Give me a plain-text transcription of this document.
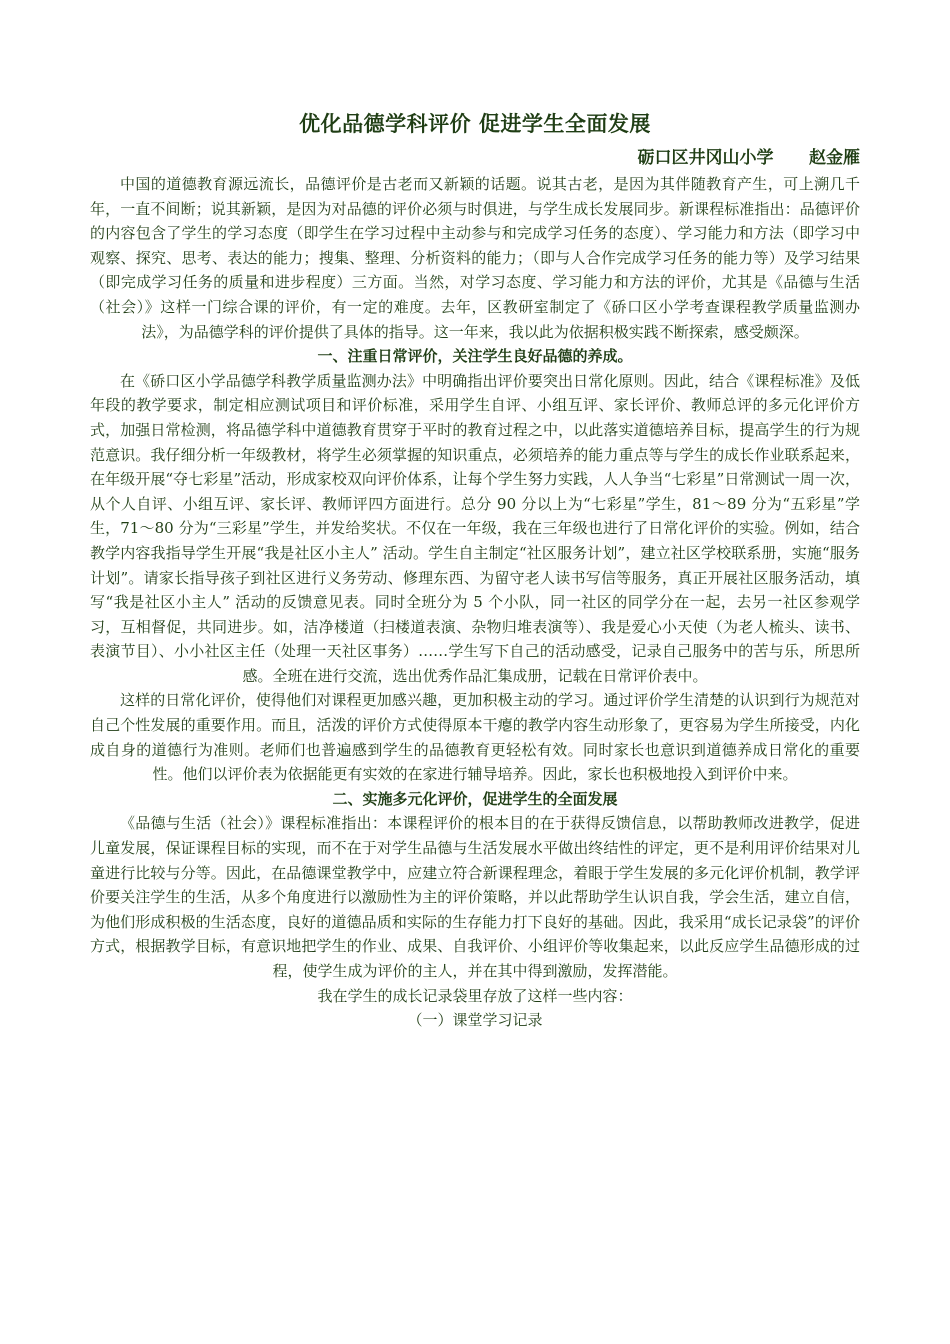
优化品德学科评价 促进学生全面发展

砺口区井冈山小学      赵金雁

中国的道德教育源远流长，品德评价是古老而又新颖的话题。说其古老，是因为其伴随教育产生，可上溯几千年，一直不间断；说其新颖，是因为对品德的评价必须与时俱进，与学生成长发展同步。新课程标准指出：品德评价的内容包含了学生的学习态度（即学生在学习过程中主动参与和完成学习任务的态度）、学习能力和方法（即学习中观察、探究、思考、表达的能力；搜集、整理、分析资料的能力；（即与人合作完成学习任务的能力等）及学习结果（即完成学习任务的质量和进步程度）三方面。当然，对学习态度、学习能力和方法的评价，尤其是《品德与生活（社会）》这样一门综合课的评价，有一定的难度。去年，区教研室制定了《硚口区小学考查课程教学质量监测办法》，为品德学科的评价提供了具体的指导。这一年来，我以此为依据积极实践不断探索，感受颇深。

一、注重日常评价，关注学生良好品德的养成。

在《硚口区小学品德学科教学质量监测办法》中明确指出评价要突出日常化原则。因此，结合《课程标准》及低年段的教学要求，制定相应测试项目和评价标准，采用学生自评、小组互评、家长评价、教师总评的多元化评价方式，加强日常检测，将品德学科中道德教育贯穿于平时的教育过程之中，以此落实道德培养目标，提高学生的行为规范意识。我仔细分析一年级教材，将学生必须掌握的知识重点，必须培养的能力重点等与学生的成长作业联系起来，在年级开展“夺七彩星”活动，形成家校双向评价体系，让每个学生努力实践，人人争当“七彩星”日常测试一周一次，从个人自评、小组互评、家长评、教师评四方面进行。总分 90 分以上为“七彩星”学生，81～89 分为“五彩星”学生，71～80 分为“三彩星”学生，并发给奖状。不仅在一年级，我在三年级也进行了日常化评价的实验。例如，结合教学内容我指导学生开展“我是社区小主人” 活动。学生自主制定“社区服务计划”，建立社区学校联系册，实施“服务计划”。请家长指导孩子到社区进行义务劳动、修理东西、为留守老人读书写信等服务，真正开展社区服务活动，填写“我是社区小主人” 活动的反馈意见表。同时全班分为 5 个小队，同一社区的同学分在一起，去另一社区参观学习，互相督促，共同进步。如，洁净楼道（扫楼道表演、杂物归堆表演等）、我是爱心小天使（为老人梳头、读书、表演节目）、小小社区主任（处理一天社区事务）……学生写下自己的活动感受，记录自己服务中的苦与乐，所思所感。全班在进行交流，选出优秀作品汇集成册，记载在日常评价表中。

这样的日常化评价，使得他们对课程更加感兴趣，更加积极主动的学习。通过评价学生清楚的认识到行为规范对自己个性发展的重要作用。而且，活泼的评价方式使得原本干瘪的教学内容生动形象了，更容易为学生所接受，内化成自身的道德行为准则。老师们也普遍感到学生的品德教育更轻松有效。同时家长也意识到道德养成日常化的重要性。他们以评价表为依据能更有实效的在家进行辅导培养。因此，家长也积极地投入到评价中来。

二、实施多元化评价，促进学生的全面发展

《品德与生活（社会）》课程标准指出：本课程评价的根本目的在于获得反馈信息，以帮助教师改进教学，促进儿童发展，保证课程目标的实现，而不在于对学生品德与生活发展水平做出终结性的评定，更不是利用评价结果对儿童进行比较与分等。因此，在品德课堂教学中，应建立符合新课程理念，着眼于学生发展的多元化评价机制，教学评价要关注学生的生活，从多个角度进行以激励性为主的评价策略，并以此帮助学生认识自我，学会生活，建立自信，为他们形成积极的生活态度，良好的道德品质和实际的生存能力打下良好的基础。因此，我采用“成长记录袋”的评价方式，根据教学目标，有意识地把学生的作业、成果、自我评价、小组评价等收集起来，以此反应学生品德形成的过程，使学生成为评价的主人，并在其中得到激励，发挥潜能。

我在学生的成长记录袋里存放了这样一些内容：

（一）课堂学习记录
